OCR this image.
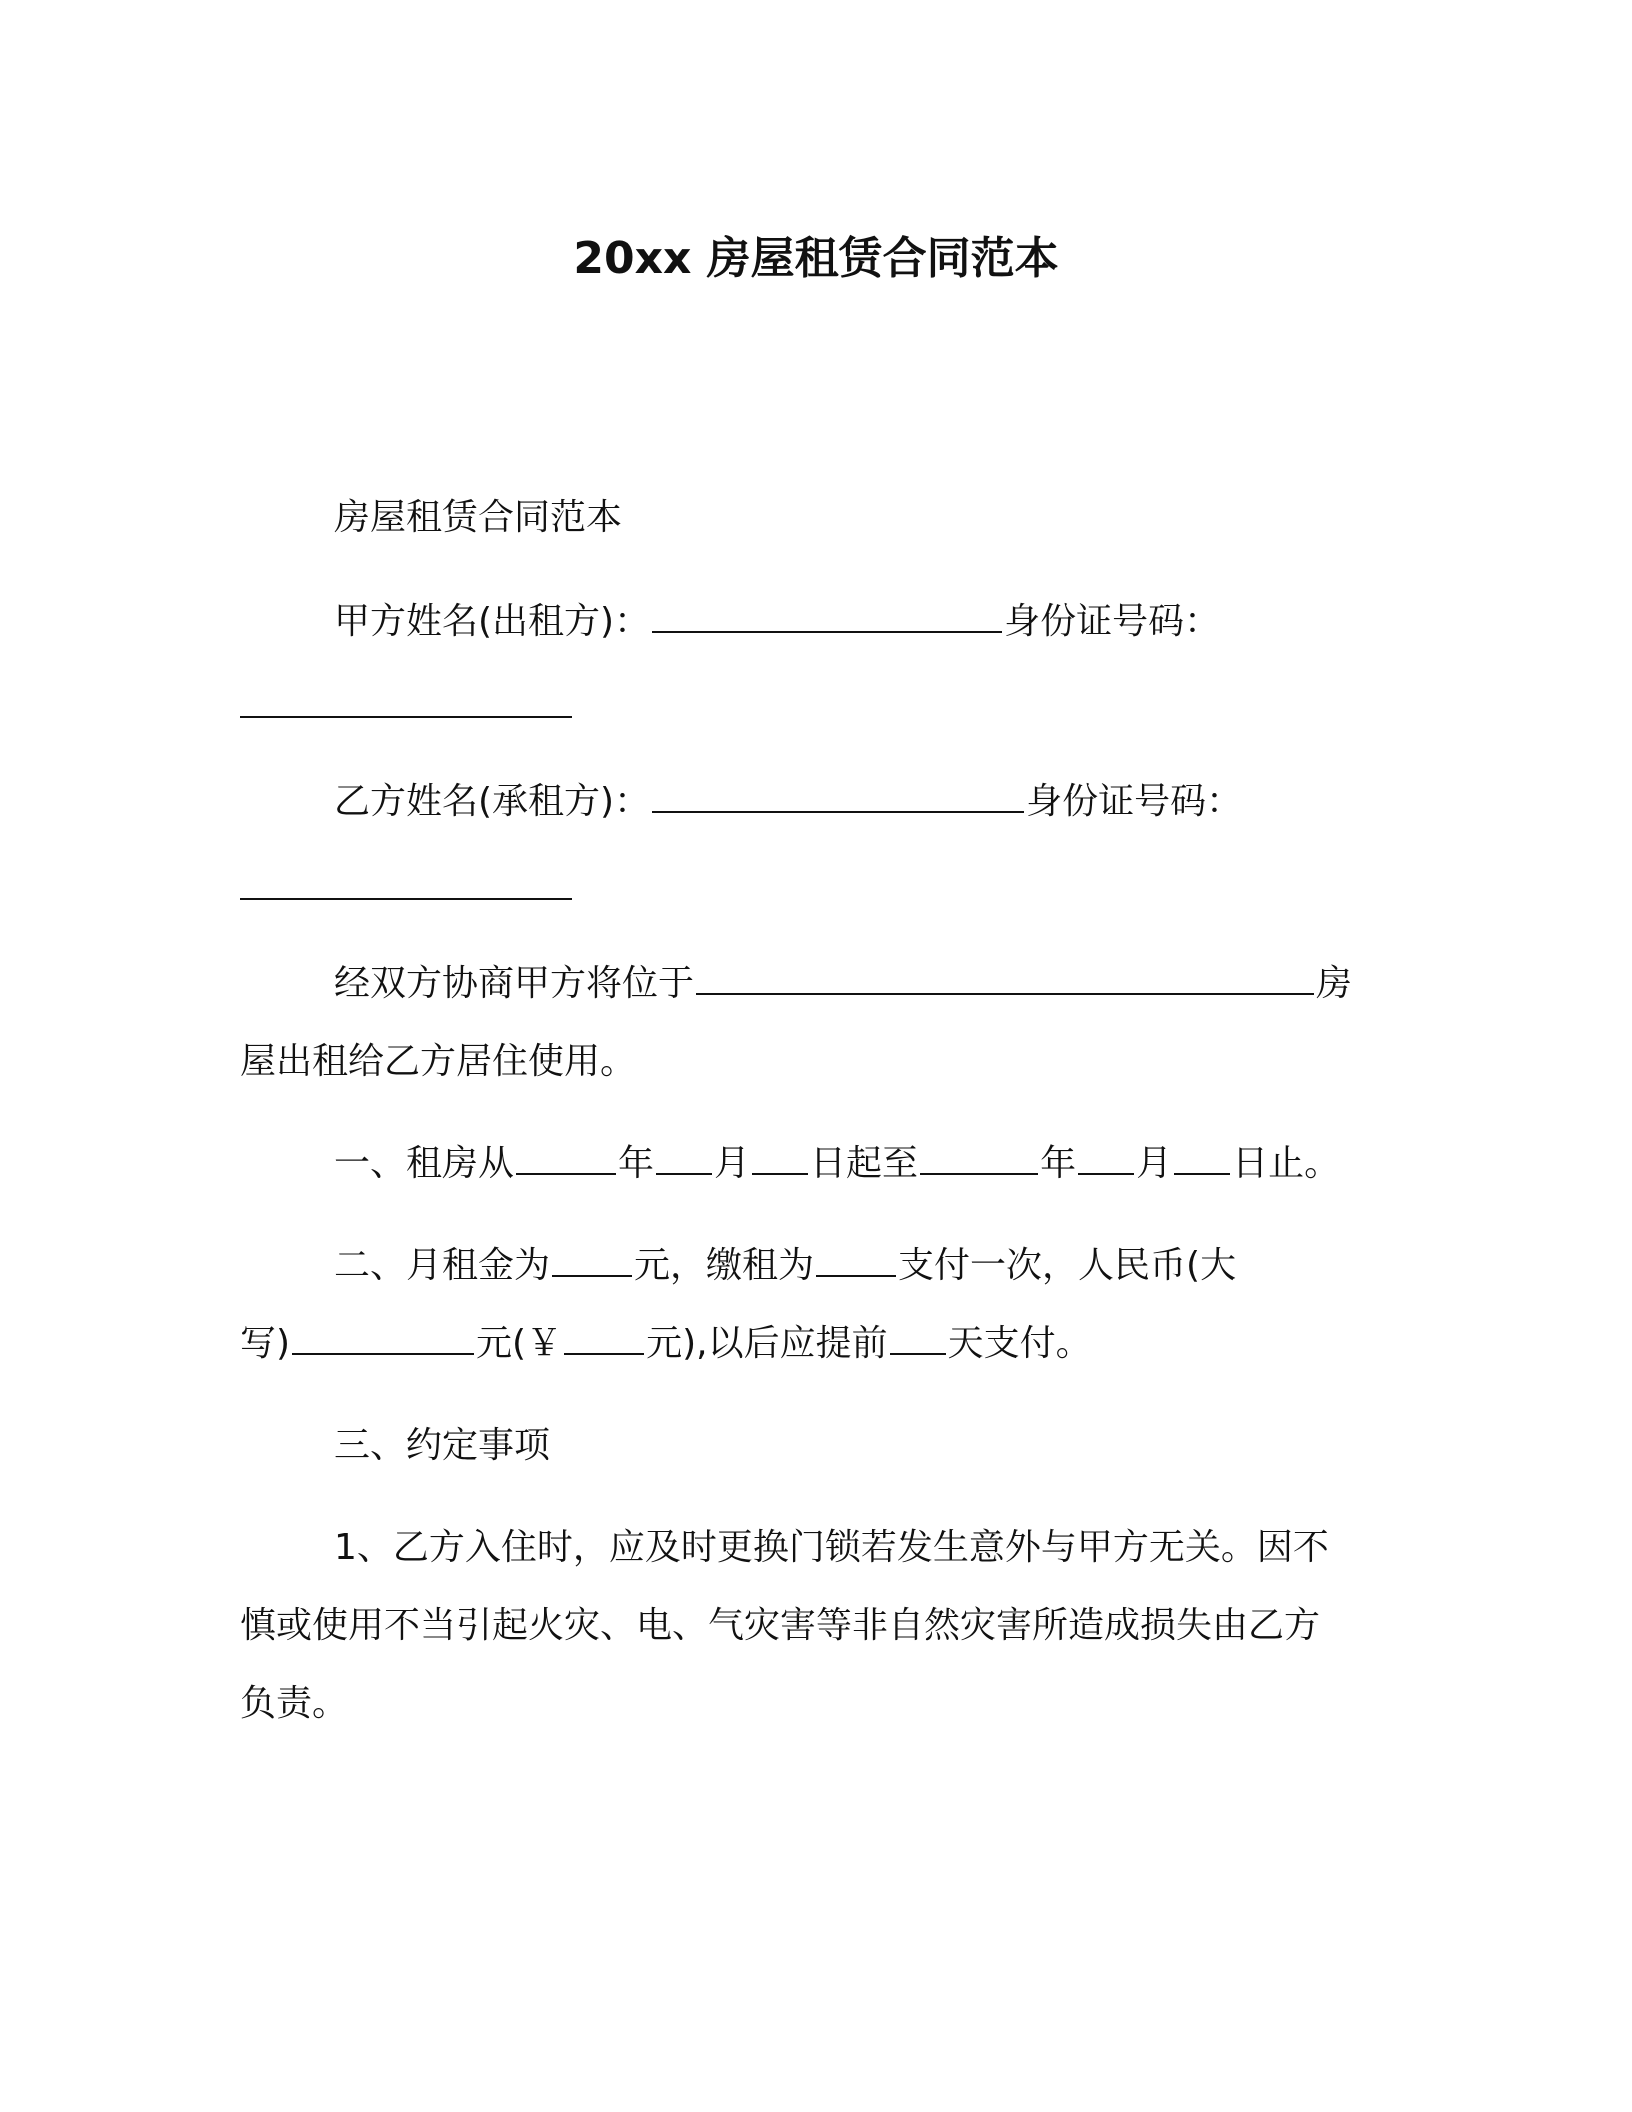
20xx 房屋租赁合同范本
房屋租赁合同范本
甲方姓名(出租方)：	身份证号码：
乙方姓名(承租方)：	身份证号码：
经双方协商甲方将位于	房
屋出租给乙方居住使用。
一、租房从	年 月 日起至	年 月 日止。
二、月租金为 元，缴租为 支付一次，人民币(大
写)	元(￥ 元),以后应提前 天支付。
三、约定事项
1、乙方入住时，应及时更换门锁若发生意外与甲方无关。因不
慎或使用不当引起火灾、电、气灾害等非自然灾害所造成损失由乙方
负责。
